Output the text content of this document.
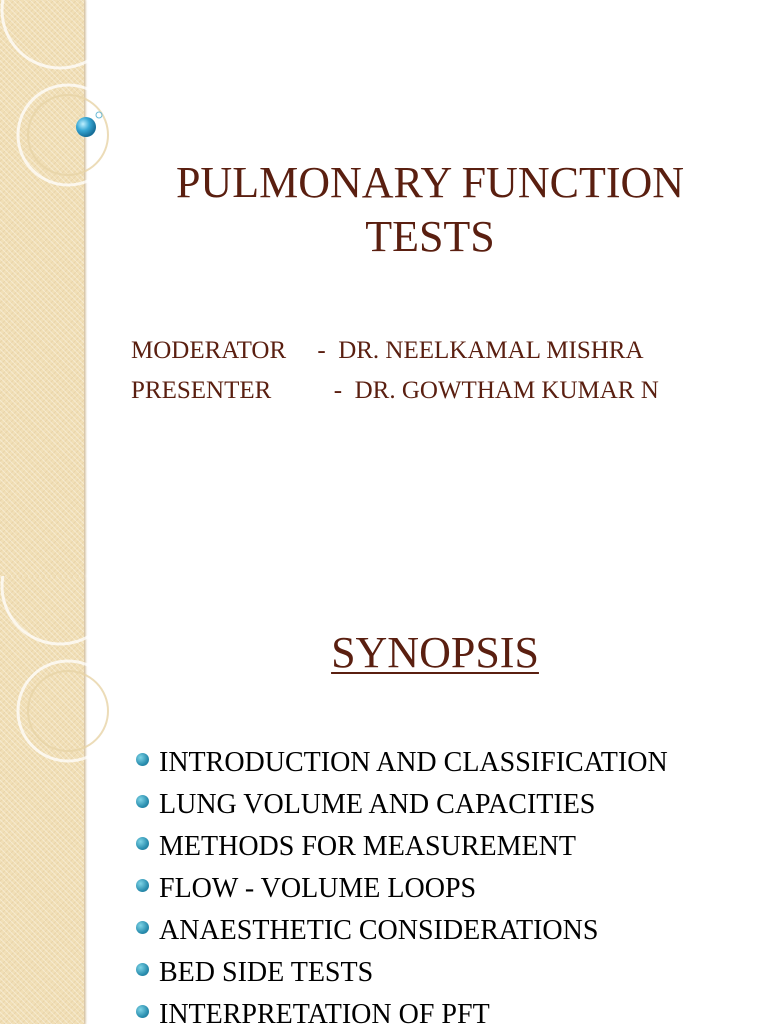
PULMONARY FUNCTION
TESTS
MODERATOR - DR. NEELKAMAL MISHRA
PRESENTER	- DR. GOWTHAM KUMAR N
SYNOPSIS
INTRODUCTION AND CLASSIFICATION
LUNG VOLUME AND CAPACITIES
METHODS FOR MEASUREMENT
FLOW - VOLUME LOOPS
ANAESTHETIC CONSIDERATIONS
BED SIDE TESTS
INTERPRETATION OF PFT
